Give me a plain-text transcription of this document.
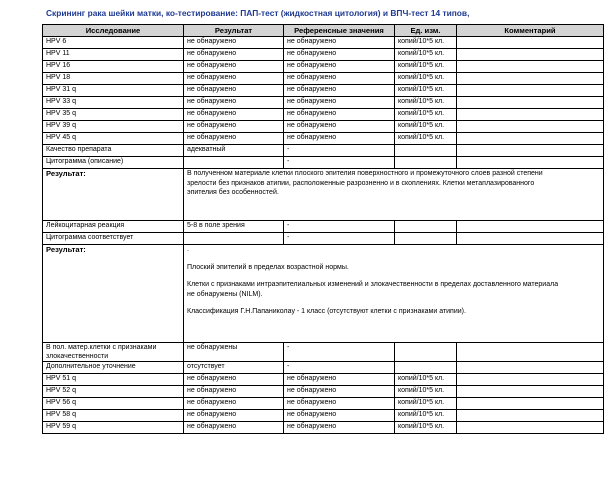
Скрининг рака шейки матки, ко-тестирование: ПАП-тест (жидкостная цитология) и ВПЧ-тест 14 типов,
Исследование	Результат	Референсные значения	Ед. изм.	Комментарий
HPV 6	не обнаружено	не обнаружено	копий/10*5 кл.	
HPV 11	не обнаружено	не обнаружено	копий/10*5 кл.	
HPV 16	не обнаружено	не обнаружено	копий/10*5 кл.	
HPV 18	не обнаружено	не обнаружено	копий/10*5 кл.	
HPV 31 q	не обнаружено	не обнаружено	копий/10*5 кл.	
HPV 33 q	не обнаружено	не обнаружено	копий/10*5 кл.	
HPV 35 q	не обнаружено	не обнаружено	копий/10*5 кл.	
HPV 39 q	не обнаружено	не обнаружено	копий/10*5 кл.	
HPV 45 q	не обнаружено	не обнаружено	копий/10*5 кл.	
Качество препарата	адекватный	-		
Цитограмма (описание)		-		
Результат:	В полученном материале клетки плоского эпителия поверхностного и промежуточного слоев разной степени зрелости без признаков атипии, расположенные разрозненно и в скоплениях. Клетки метаплазированного эпителия без особенностей.			
Лейкоцитарная реакция	5-8 в поле зрения	-		
Цитограмма соответствует		-		
Результат:	.

Плоский эпителий в пределах возрастной нормы.

Клетки с признаками интраэпителиальных изменений и злокачественности в пределах доставленного материала не обнаружены (NILM).

Классификация Г.Н.Папаниколау - 1 класс (отсутствуют клетки с признаками атипии).			

В пол. матер.клетки с признаками злокачественности	не обнаружены	-		
Дополнительное уточнение	отсутствует	-		
HPV 51 q	не обнаружено	не обнаружено	копий/10*5 кл.	
HPV 52 q	не обнаружено	не обнаружено	копий/10*5 кл.	
HPV 56 q	не обнаружено	не обнаружено	копий/10*5 кл.	
HPV 58 q	не обнаружено	не обнаружено	копий/10*5 кл.	
HPV 59 q	не обнаружено	не обнаружено	копий/10*5 кл.	
